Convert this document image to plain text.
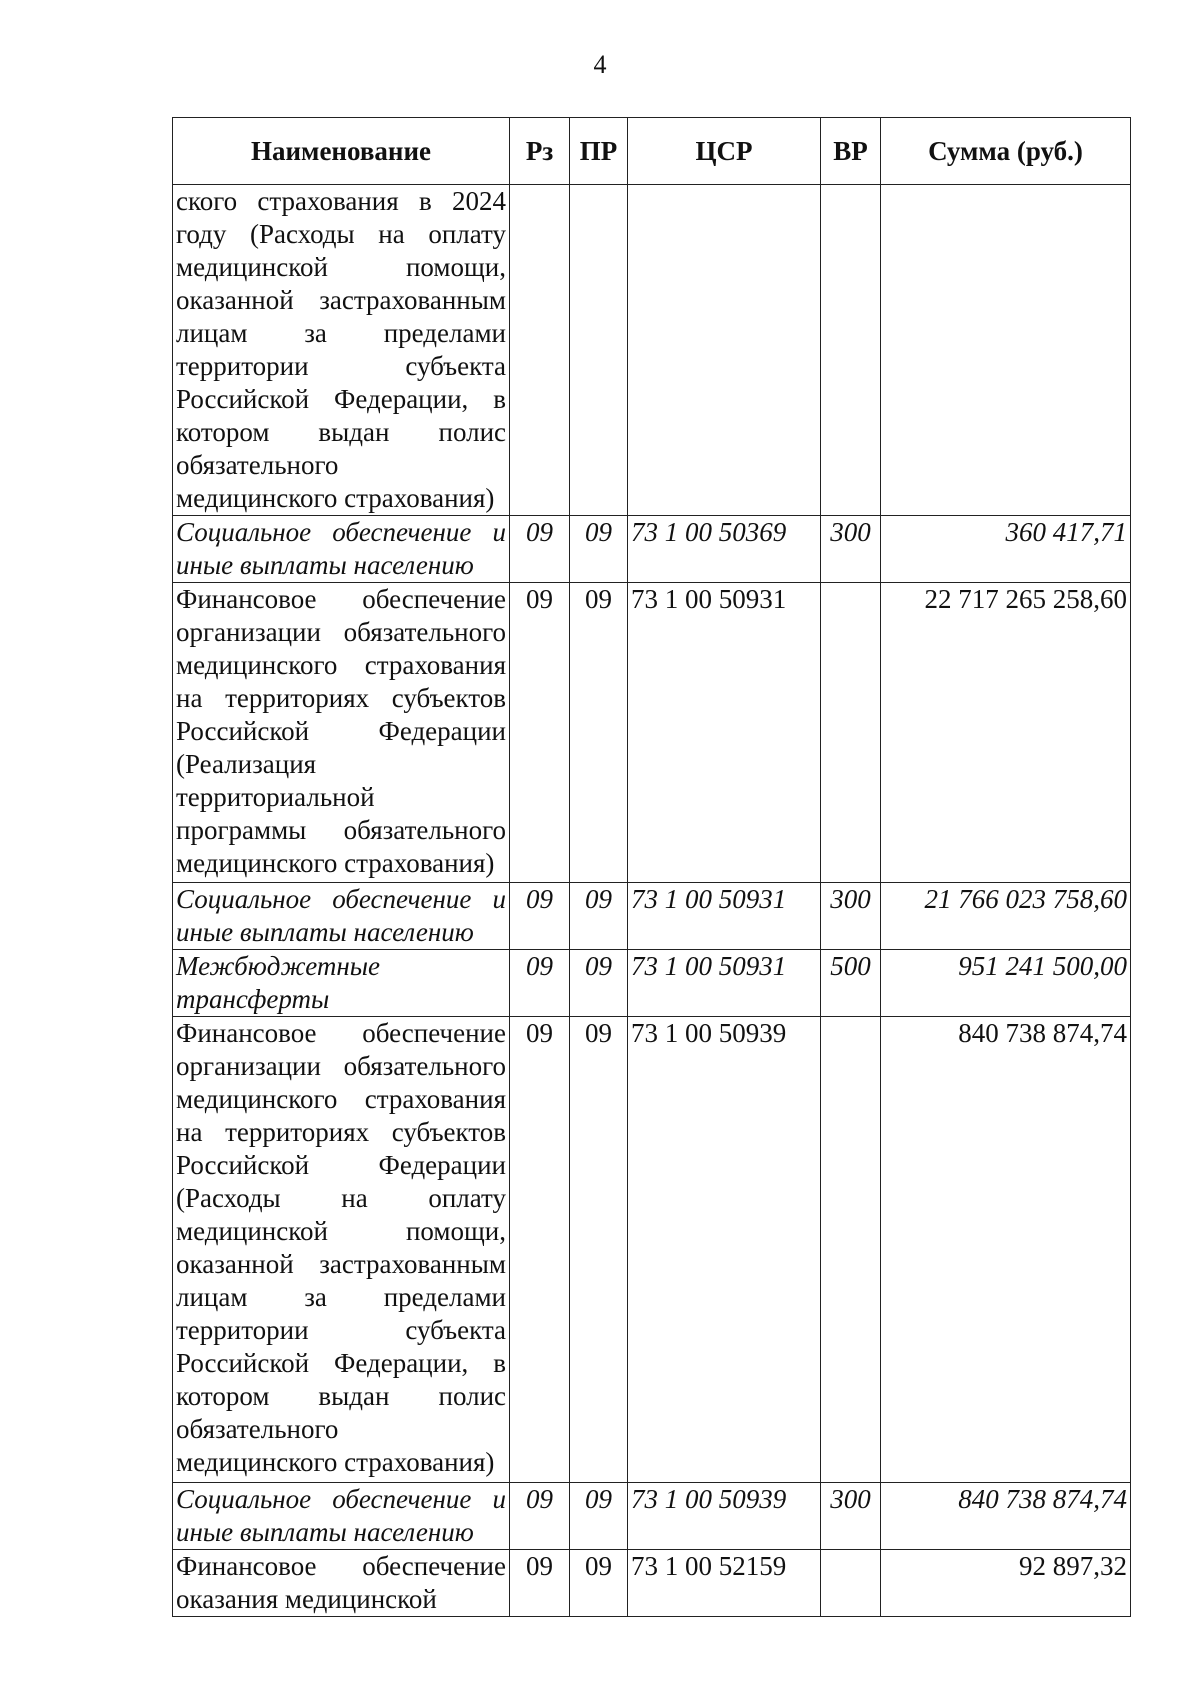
4
Наименование	Рз	ПР	ЦСР	ВР	Сумма (руб.)
ского страхования в 2024 году (Расходы на оплату медицинской помощи, оказанной застрахованным лицам за пределами территории субъекта Российской Федерации, в котором выдан полис обязательного медицинского страхования)					
Социальное обеспечение и иные выплаты населению	09	09	73 1 00 50369	300	360 417,71
Финансовое обеспечение организации обязательного медицинского страхования на территориях субъектов Российской Федерации (Реализация территориальной программы обязательного медицинского страхования)	09	09	73 1 00 50931		22 717 265 258,60
Социальное обеспечение и иные выплаты населению	09	09	73 1 00 50931	300	21 766 023 758,60
Межбюджетные трансферты	09	09	73 1 00 50931	500	951 241 500,00
Финансовое обеспечение организации обязательного медицинского страхования на территориях субъектов Российской Федерации (Расходы на оплату медицинской помощи, оказанной застрахованным лицам за пределами территории субъекта Российской Федерации, в котором выдан полис обязательного медицинского страхования)	09	09	73 1 00 50939		840 738 874,74
Социальное обеспечение и иные выплаты населению	09	09	73 1 00 50939	300	840 738 874,74
Финансовое обеспечение оказания медицинской	09	09	73 1 00 52159		92 897,32
